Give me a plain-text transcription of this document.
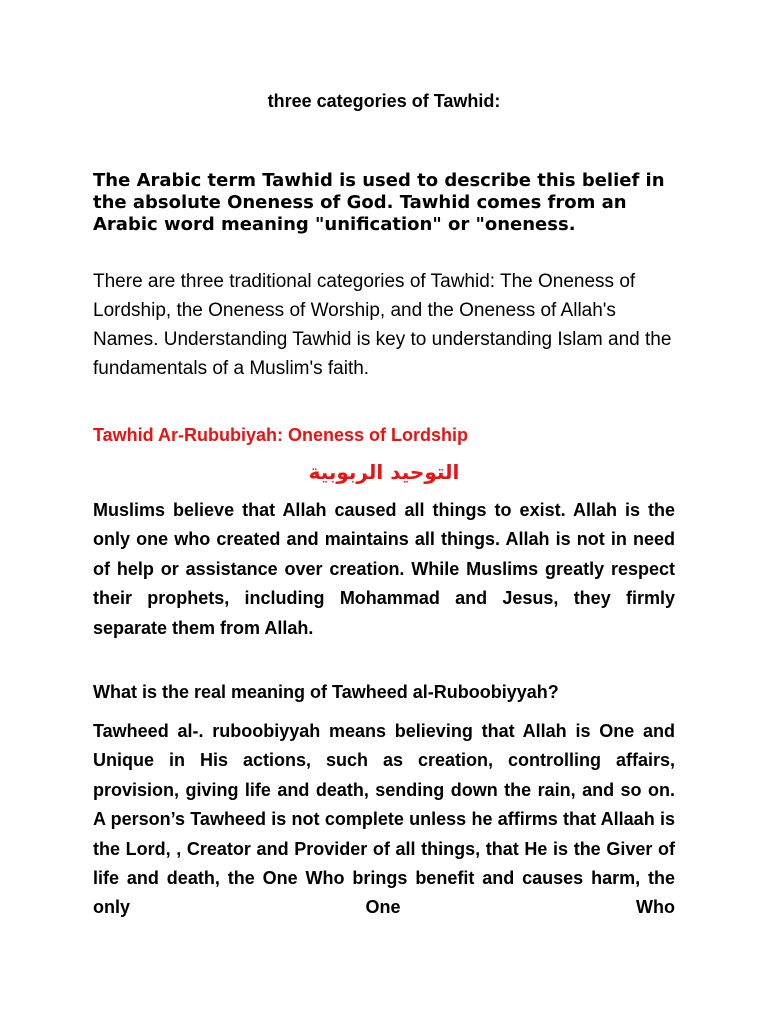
three categories of Tawhid:
The Arabic term Tawhid is used to describe this belief in the absolute Oneness of God. Tawhid comes from an Arabic word meaning "unification" or "oneness.
There are three traditional categories of Tawhid: The Oneness of Lordship, the Oneness of Worship, and the Oneness of Allah's Names. Understanding Tawhid is key to understanding Islam and the fundamentals of a Muslim's faith.
Tawhid Ar-Rububiyah: Oneness of Lordship
التوحيد الربوبية
Muslims believe that Allah caused all things to exist. Allah is the only one who created and maintains all things. Allah is not in need of help or assistance over creation. While Muslims greatly respect their prophets, including Mohammad and Jesus, they firmly separate them from Allah.
What is the real meaning of Tawheed al-Ruboobiyyah?
Tawheed al-. ruboobiyyah means believing that Allah is One and Unique in His actions, such as creation, controlling affairs, provision, giving life and death, sending down the rain, and so on. A person’s Tawheed is not complete unless he affirms that Allaah is the Lord, , Creator and Provider of all things, that He is the Giver of life and death, the One Who brings benefit and causes harm, the only One Who
